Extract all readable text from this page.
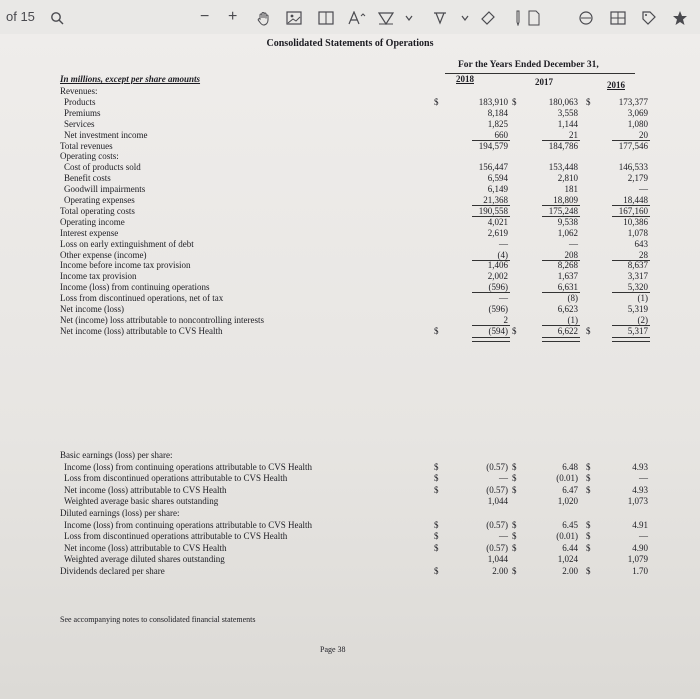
of 15	− +
Consolidated Statements of Operations
For the Years Ended December 31,
2018	2017	2016
In millions, except per share amounts
Revenues:
Products	$	183,910 $	180,063 $	173,377
Premiums	8,184	3,558	3,069
Services	1,825	1,144	1,080
Net investment income	660	21	20
Total revenues	194,579	184,786	177,546
Operating costs:
Cost of products sold	156,447	153,448	146,533
Benefit costs	6,594	2,810	2,179
Goodwill impairments	6,149	181	—
Operating expenses	21,368	18,809	18,448
Total operating costs	190,558	175,248	167,160
Operating income	4,021	9,538	10,386
Interest expense	2,619	1,062	1,078
Loss on early extinguishment of debt	—	—	643
Other expense (income)	(4)	208	28
Income before income tax provision	1,406	8,268	8,637
Income tax provision	2,002	1,637	3,317
Income (loss) from continuing operations	(596)	6,631	5,320
Loss from discontinued operations, net of tax	—	(8)	(1)
Net income (loss)	(596)	6,623	5,319
Net (income) loss attributable to noncontrolling interests	2	(1)	(2)
Net income (loss) attributable to CVS Health	$	(594) $	6,622 $	5,317
Basic earnings (loss) per share:
Income (loss) from continuing operations attributable to CVS Health	$	(0.57) $	6.48 $	4.93
Loss from discontinued operations attributable to CVS Health	$	— $	(0.01) $	—
Net income (loss) attributable to CVS Health	$	(0.57) $	6.47 $	4.93
Weighted average basic shares outstanding	1,044	1,020	1,073
Diluted earnings (loss) per share:
Income (loss) from continuing operations attributable to CVS Health	$	(0.57) $	6.45 $	4.91
Loss from discontinued operations attributable to CVS Health	$	— $	(0.01) $	—
Net income (loss) attributable to CVS Health	$	(0.57) $	6.44 $	4.90
Weighted average diluted shares outstanding	1,044	1,024	1,079
Dividends declared per share	$	2.00 $	2.00 $	1.70
See accompanying notes to consolidated financial statements
Page 38
